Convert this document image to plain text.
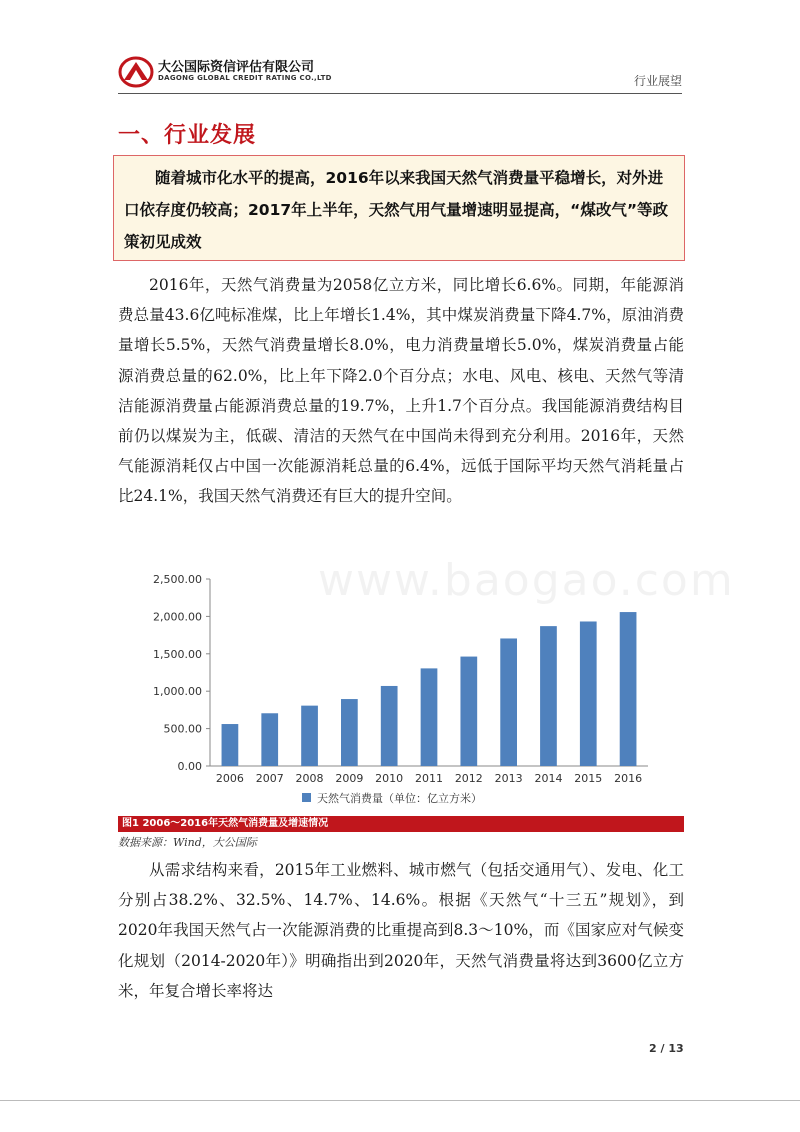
大公国际资信评估有限公司
DAGONG GLOBAL CREDIT RATING CO.,LTD	行业展望
一、行业发展

随着城市化水平的提高，2016年以来我国天然气消费量平稳增长，对外进口依存度仍较高；2017年上半年，天然气用气量增速明显提高，“煤改气”等政策初见成效

2016年，天然气消费量为2058亿立方米，同比增长6.6%。同期，年能源消费总量43.6亿吨标准煤，比上年增长1.4%，其中煤炭消费量下降4.7%，原油消费量增长5.5%，天然气消费量增长8.0%，电力消费量增长5.0%，煤炭消费量占能源消费总量的62.0%，比上年下降2.0个百分点；水电、风电、核电、天然气等清洁能源消费量占能源消费总量的19.7%，上升1.7个百分点。我国能源消费结构目前仍以煤炭为主，低碳、清洁的天然气在中国尚未得到充分利用。2016年，天然气能源消耗仅占中国一次能源消耗总量的6.4%，远低于国际平均天然气消耗量占比24.1%，我国天然气消费还有巨大的提升空间。

www.baogao.com
0.00
500.00
1,000.00
1,500.00
2,000.00
2,500.00
2006 2007 2008 2009 2010 2011 2012 2013 2014 2015 2016
天然气消费量（单位：亿立方米）
图1 2006～2016年天然气消费量及增速情况
数据来源：Wind，大公国际

从需求结构来看，2015年工业燃料、城市燃气（包括交通用气）、发电、化工分别占38.2%、32.5%、14.7%、14.6%。根据《天然气“十三五”规划》，到2020年我国天然气占一次能源消费的比重提高到8.3～10%，而《国家应对气候变化规划（2014-2020年）》明确指出到2020年，天然气消费量将达到3600亿立方米，年复合增长率将达

2 / 13
